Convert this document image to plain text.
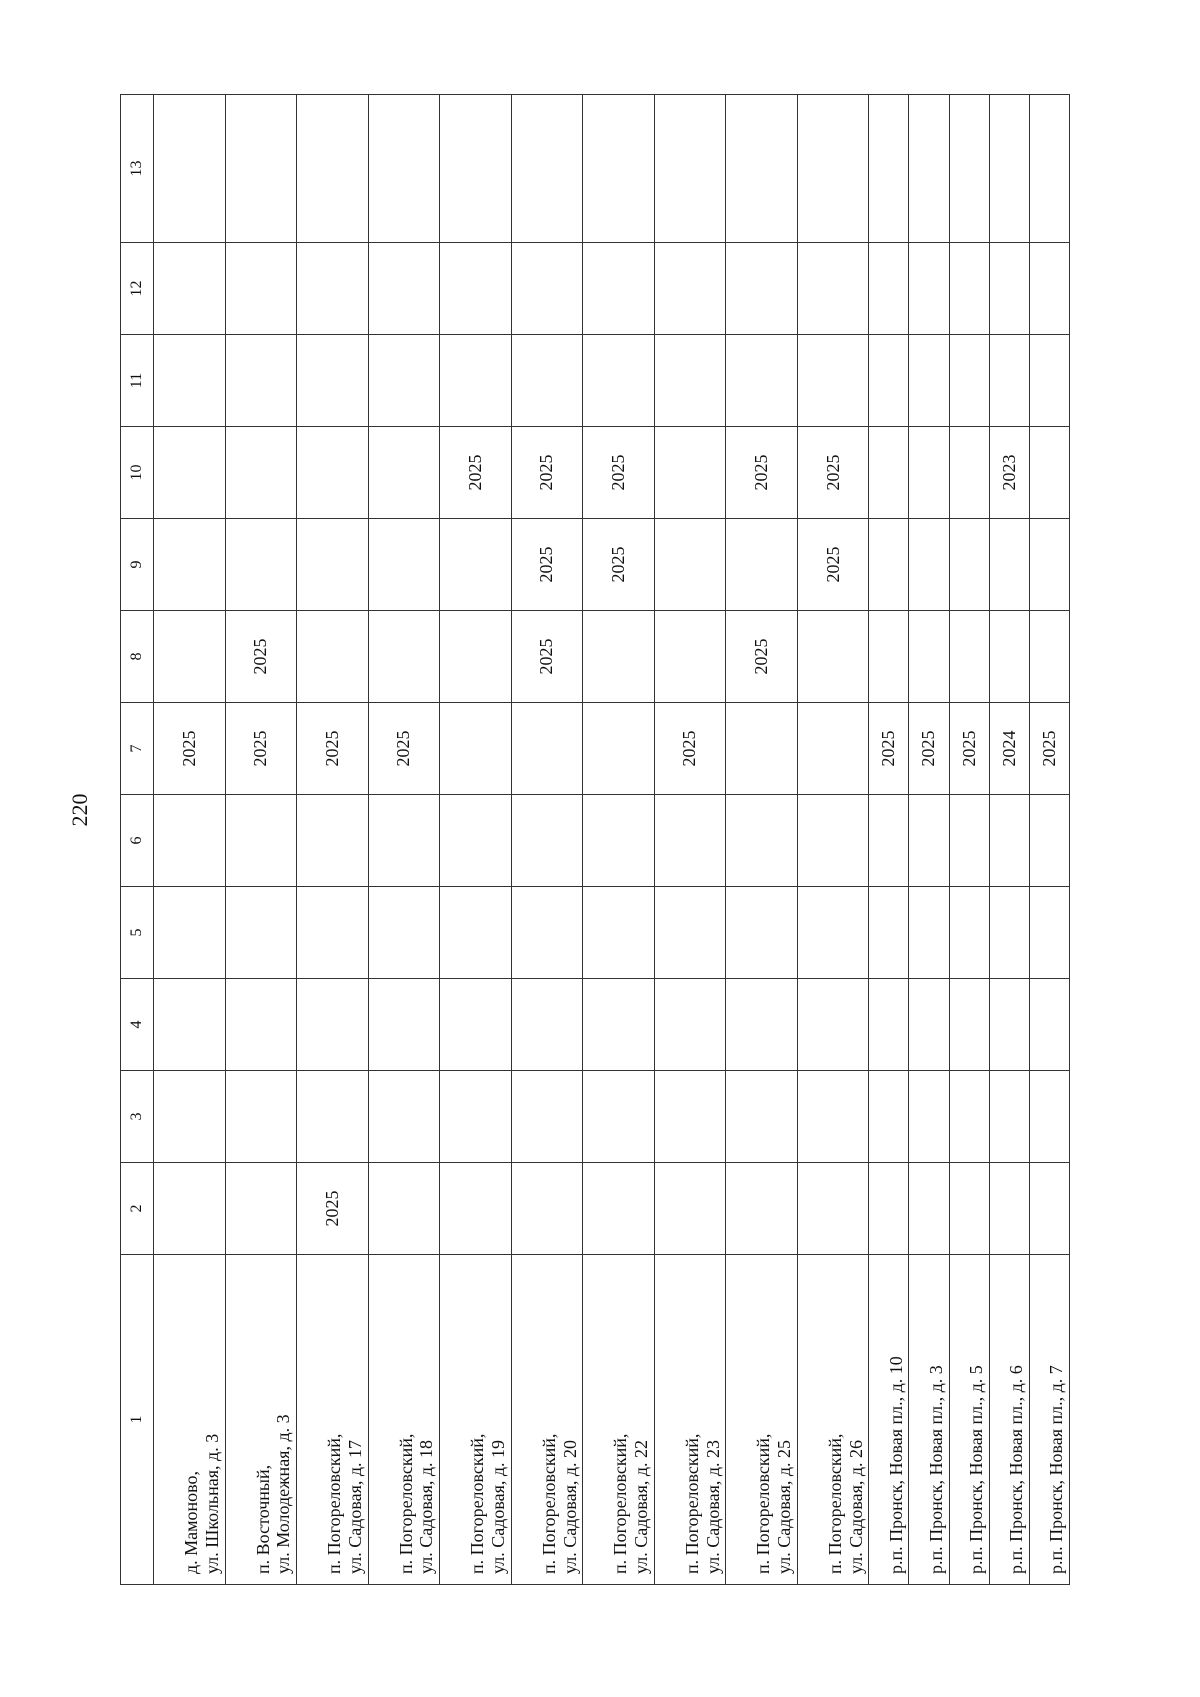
220
1	2	3	4	5	6	7	8	9	10	11	12	13

д. Мамоново, ул. Школьная, д. 3						2025						

п. Восточный, ул. Молодежная, д. 3						2025	2025					

п. Погореловский, ул. Садовая, д. 17	2025					2025						

п. Погореловский, ул. Садовая, д. 18						2025						

п. Погореловский, ул. Садовая, д. 19									2025			

п. Погореловский, ул. Садовая, д. 20							2025	2025	2025			

п. Погореловский, ул. Садовая, д. 22								2025	2025			

п. Погореловский, ул. Садовая, д. 23						2025						

п. Погореловский, ул. Садовая, д. 25							2025		2025			

п. Погореловский, ул. Садовая, д. 26								2025	2025			

р.п. Пронск, Новая пл., д. 10						2025						

р.п. Пронск, Новая пл., д. 3						2025						

р.п. Пронск, Новая пл., д. 5						2025						

р.п. Пронск, Новая пл., д. 6						2024			2023			

р.п. Пронск, Новая пл., д. 7						2025						
